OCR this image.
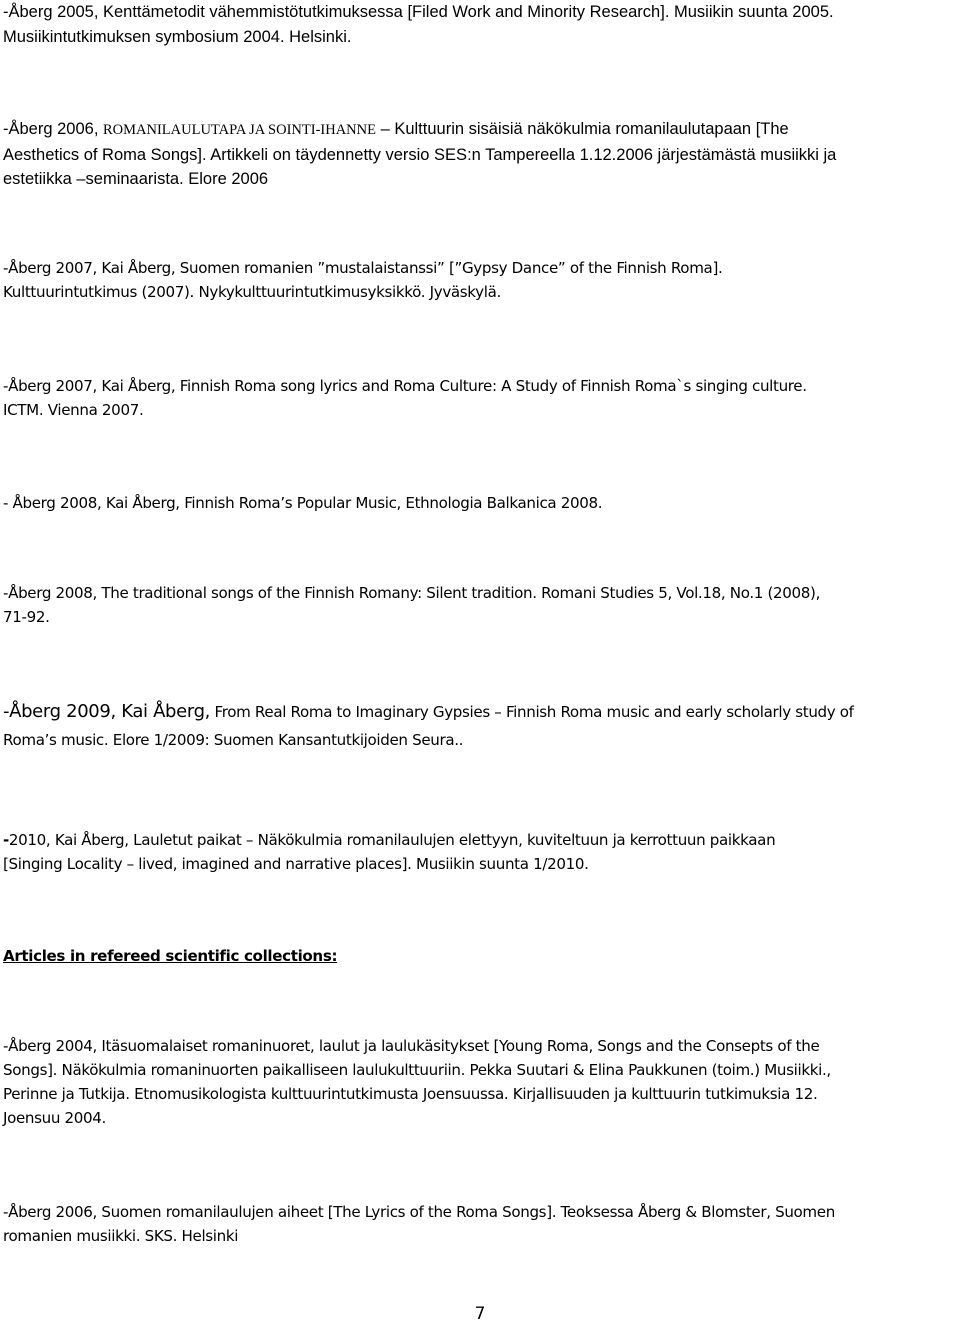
-Åberg 2005, Kenttämetodit vähemmistötutkimuksessa [Filed Work and Minority Research]. Musiikin suunta 2005.
Musiikintutkimuksen symbosium 2004. Helsinki.

-Åberg 2006, ROMANILAULUTAPA JA SOINTI-IHANNE – Kulttuurin sisäisiä näkökulmia romanilaulutapaan [The
Aesthetics of Roma Songs]. Artikkeli on täydennetty versio SES:n Tampereella 1.12.2006 järjestämästä musiikki ja
estetiikka –seminaarista. Elore 2006

-Åberg 2007, Kai Åberg, Suomen romanien ”mustalaistanssi” [”Gypsy Dance” of the Finnish Roma].
Kulttuurintutkimus (2007). Nykykulttuurintutkimusyksikkö. Jyväskylä.

-Åberg 2007, Kai Åberg, Finnish Roma song lyrics and Roma Culture: A Study of Finnish Roma`s singing culture.
ICTM. Vienna 2007.

- Åberg 2008, Kai Åberg, Finnish Roma’s Popular Music, Ethnologia Balkanica 2008.

-Åberg 2008, The traditional songs of the Finnish Romany: Silent tradition. Romani Studies 5, Vol.18, No.1 (2008),
71-92.

-Åberg 2009, Kai Åberg, From Real Roma to Imaginary Gypsies – Finnish Roma music and early scholarly study of
Roma’s music. Elore 1/2009: Suomen Kansantutkijoiden Seura..

-2010, Kai Åberg, Lauletut paikat – Näkökulmia romanilaulujen elettyyn, kuviteltuun ja kerrottuun paikkaan
[Singing Locality – lived, imagined and narrative places]. Musiikin suunta 1/2010.

Articles in refereed scientific collections:

-Åberg 2004, Itäsuomalaiset romaninuoret, laulut ja laulukäsitykset [Young Roma, Songs and the Consepts of the
Songs]. Näkökulmia romaninuorten paikalliseen laulukulttuuriin. Pekka Suutari & Elina Paukkunen (toim.) Musiikki.,
Perinne ja Tutkija. Etnomusikologista kulttuurintutkimusta Joensuussa. Kirjallisuuden ja kulttuurin tutkimuksia 12.
Joensuu 2004.

-Åberg 2006, Suomen romanilaulujen aiheet [The Lyrics of the Roma Songs]. Teoksessa Åberg & Blomster, Suomen
romanien musiikki. SKS. Helsinki

7
